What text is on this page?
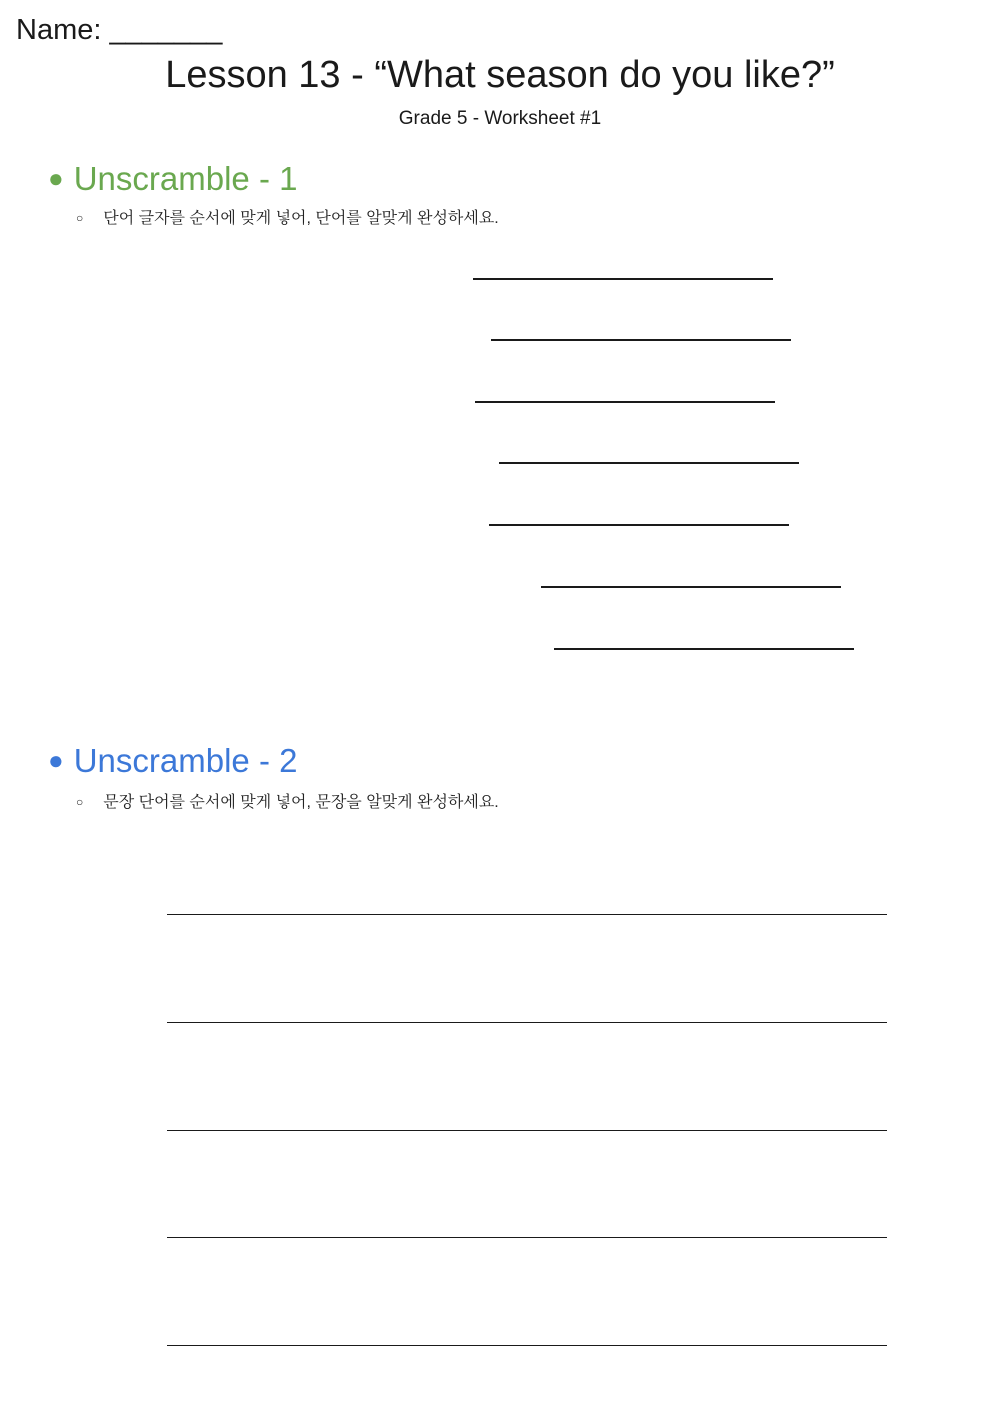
Name: _______
Lesson 13 - “What season do you like?”
Grade 5 - Worksheet #1
● Unscramble - 1
○ 단어 글자를 순서에 맞게 넣어, 단어를 알맞게 완성하세요.
● Unscramble - 2
○ 문장 단어를 순서에 맞게 넣어, 문장을 알맞게 완성하세요.
